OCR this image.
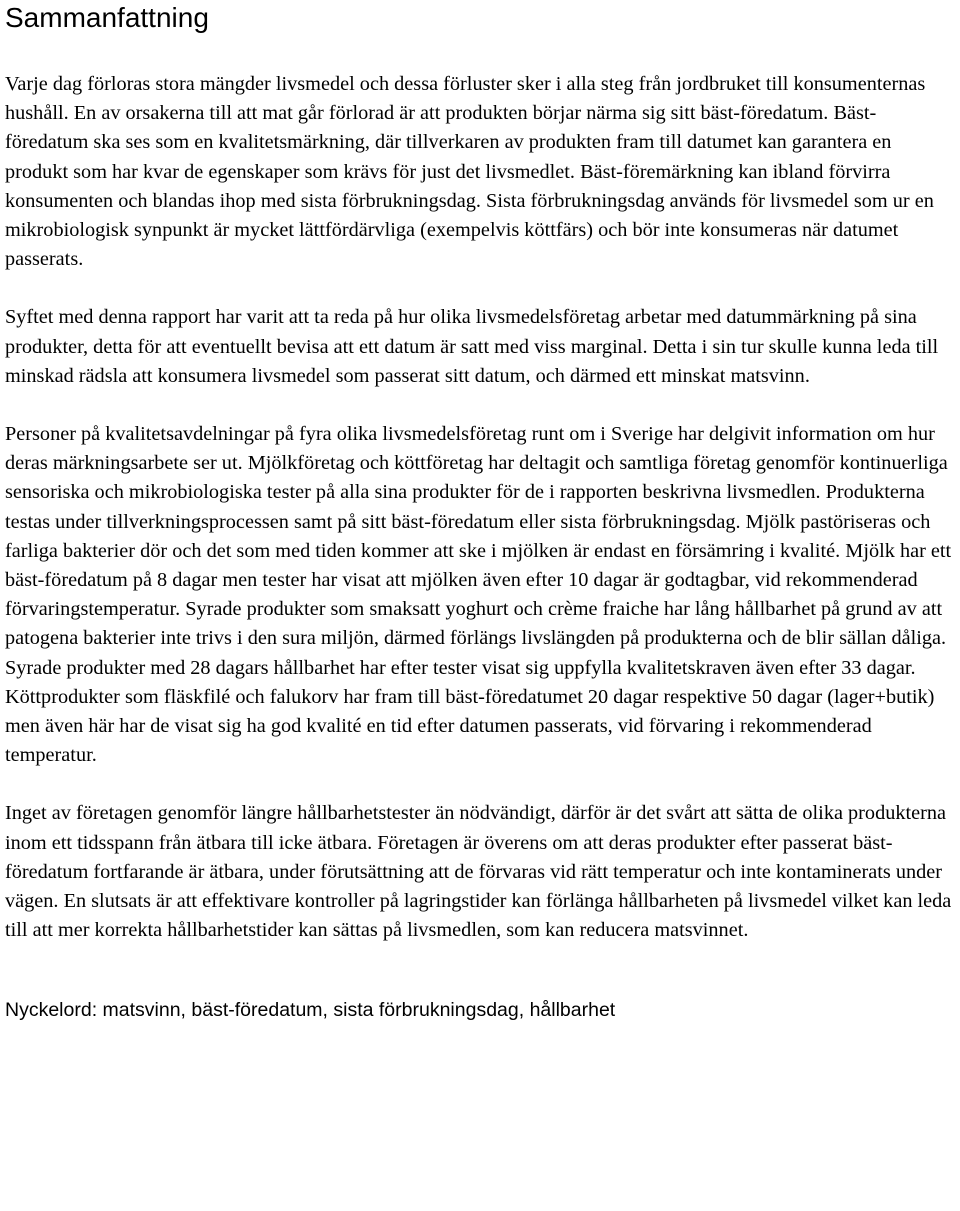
Sammanfattning

Varje dag förloras stora mängder livsmedel och dessa förluster sker i alla steg från jordbruket till konsumenternas hushåll. En av orsakerna till att mat går förlorad är att produkten börjar närma sig sitt bäst-föredatum. Bäst-föredatum ska ses som en kvalitetsmärkning, där tillverkaren av produkten fram till datumet kan garantera en produkt som har kvar de egenskaper som krävs för just det livsmedlet. Bäst-föremärkning kan ibland förvirra konsumenten och blandas ihop med sista förbrukningsdag. Sista förbrukningsdag används för livsmedel som ur en mikrobiologisk synpunkt är mycket lättfördärvliga (exempelvis köttfärs) och bör inte konsumeras när datumet passerats.

Syftet med denna rapport har varit att ta reda på hur olika livsmedelsföretag arbetar med datummärkning på sina produkter, detta för att eventuellt bevisa att ett datum är satt med viss marginal. Detta i sin tur skulle kunna leda till minskad rädsla att konsumera livsmedel som passerat sitt datum, och därmed ett minskat matsvinn.

Personer på kvalitetsavdelningar på fyra olika livsmedelsföretag runt om i Sverige har delgivit information om hur deras märkningsarbete ser ut. Mjölkföretag och köttföretag har deltagit och samtliga företag genomför kontinuerliga sensoriska och mikrobiologiska tester på alla sina produkter för de i rapporten beskrivna livsmedlen. Produkterna testas under tillverkningsprocessen samt på sitt bäst-föredatum eller sista förbrukningsdag. Mjölk pastöriseras och farliga bakterier dör och det som med tiden kommer att ske i mjölken är endast en försämring i kvalité. Mjölk har ett bäst-föredatum på 8 dagar men tester har visat att mjölken även efter 10 dagar är godtagbar, vid rekommenderad förvaringstemperatur. Syrade produkter som smaksatt yoghurt och crème fraiche har lång hållbarhet på grund av att patogena bakterier inte trivs i den sura miljön, därmed förlängs livslängden på produkterna och de blir sällan dåliga. Syrade produkter med 28 dagars hållbarhet har efter tester visat sig uppfylla kvalitetskraven även efter 33 dagar. Köttprodukter som fläskfilé och falukorv har fram till bäst-föredatumet 20 dagar respektive 50 dagar (lager+butik) men även här har de visat sig ha god kvalité en tid efter datumen passerats, vid förvaring i rekommenderad temperatur.

Inget av företagen genomför längre hållbarhetstester än nödvändigt, därför är det svårt att sätta de olika produkterna inom ett tidsspann från ätbara till icke ätbara. Företagen är överens om att deras produkter efter passerat bäst-föredatum fortfarande är ätbara, under förutsättning att de förvaras vid rätt temperatur och inte kontaminerats under vägen. En slutsats är att effektivare kontroller på lagringstider kan förlänga hållbarheten på livsmedel vilket kan leda till att mer korrekta hållbarhetstider kan sättas på livsmedlen, som kan reducera matsvinnet.

Nyckelord: matsvinn, bäst-föredatum, sista förbrukningsdag, hållbarhet
